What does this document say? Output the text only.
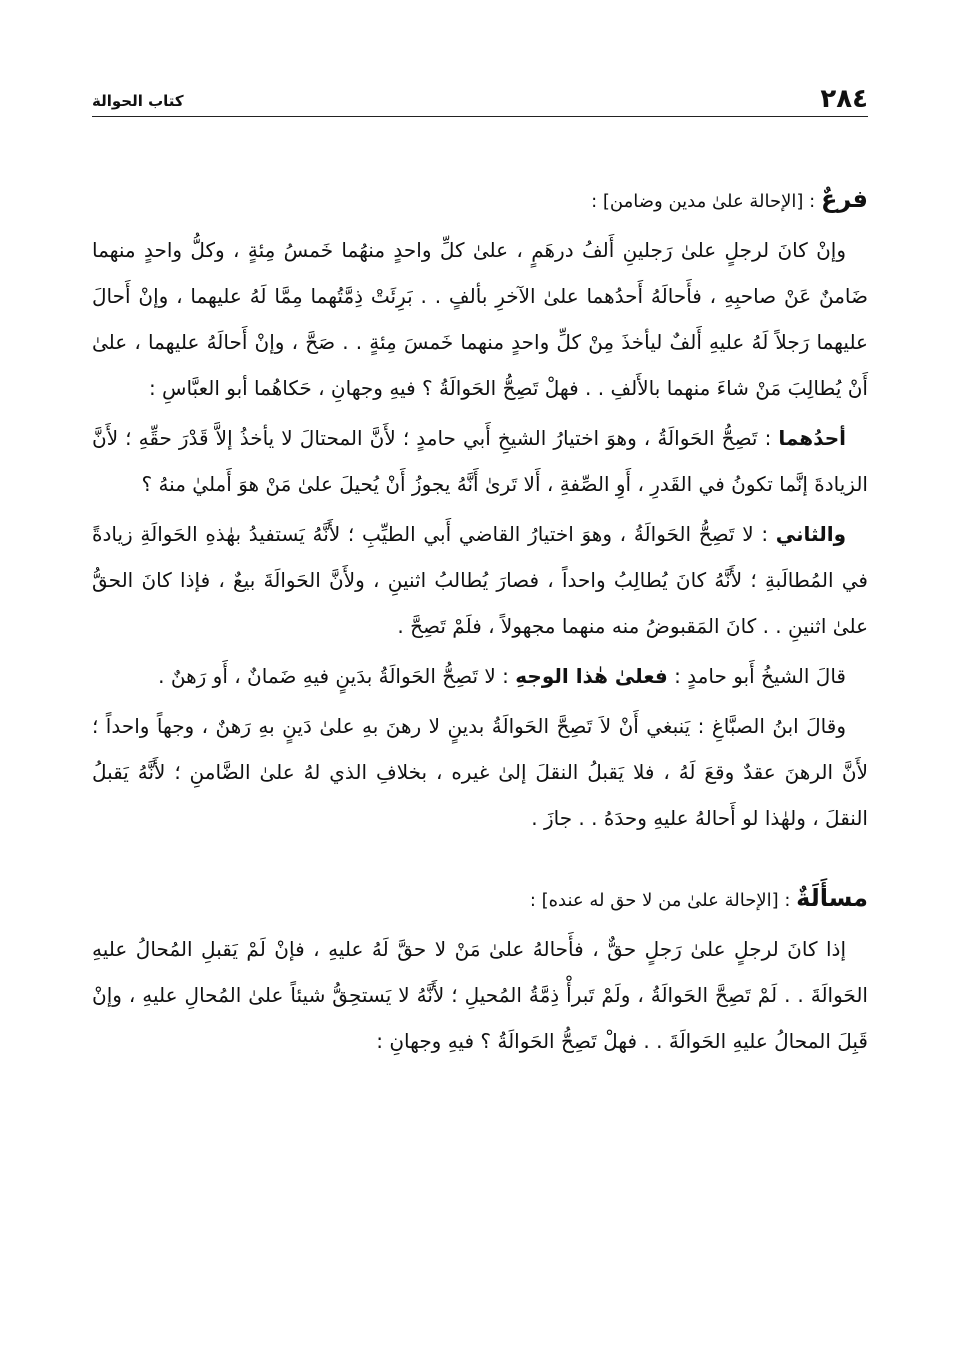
٢٨٤
كتاب الحوالة
فرعٌ : [الإحالة علىٰ مدين وضامن] :

وإنْ كانَ لرجلٍ علىٰ رَجلينِ أَلفُ درهَمٍ ، علىٰ كلِّ واحدٍ منهُما خَمسُ مِئةٍ ، وكلُّ واحدٍ منهما ضَامنٌ عَنْ صاحبِهِ ، فأَحالَهُ أَحدُهما علىٰ الآخرِ بألفٍ . . بَرِئَتْ ذِمَّتُهما مِمَّا لَهُ عليهما ، وإنْ أَحالَ عليهما رَجلاً لَهُ عليهِ أَلفٌ ليأخذَ مِنْ كلِّ واحدٍ منهما خَمسَ مِئةٍ . . صَحَّ ، وإنْ أَحالَهُ عليهما ، علىٰ أَنْ يُطالِبَ مَنْ شاءَ منهما بالأَلفِ . . فهلْ تَصِحُّ الحَوالَةُ ؟ فيهِ وجهانِ ، حَكاهُما أبو العبَّاسِ :

أحدُهما : تَصِحُّ الحَوالَةُ ، وهوَ اختيارُ الشيخِ أَبي حامدٍ ؛ لأَنَّ المحتالَ لا يأخذُ إلاَّ قَدْرَ حقِّهِ ؛ لأَنَّ الزيادةَ إنَّما تكونُ في القَدرِ ، أَوِ الصِّفةِ ، أَلا تَرىٰ أَنَّهُ يجوزُ أَنْ يُحيلَ علىٰ مَنْ هوَ أَمليٰ منهُ ؟

والثاني : لا تَصِحُّ الحَوالَةُ ، وهوَ اختيارُ القاضي أَبي الطيِّبِ ؛ لأَنَّهُ يَستفيدُ بهٰذهِ الحَوالَةِ زيادةً في المُطالَبةِ ؛ لأَنَّهُ كانَ يُطالِبُ واحداً ، فصارَ يُطالبُ اثنينِ ، ولأَنَّ الحَوالَةَ بيعٌ ، فإذا كانَ الحقُّ علىٰ اثنينِ . . كانَ المَقبوضُ منه منهما مجهولاً ، فلَمْ تَصِحَّ .

قالَ الشيخُ أَبو حامدٍ : فعلىٰ هٰذا الوجهِ : لا تَصِحُّ الحَوالَةُ بدَينٍ فيهِ ضَمانٌ ، أَو رَهنٌ .

وقالَ ابنُ الصبَّاغِ : يَنبغي أَنْ لاَ تَصِحَّ الحَوالَةُ بدينٍ لا رهنَ بهِ علىٰ دَينٍ بهِ رَهنٌ ، وجهاً واحداً ؛ لأَنَّ الرهنَ عقدٌ وقعَ لَهُ ، فلا يَقبلُ النقلَ إلىٰ غيره ، بخلافِ الذي لهُ علىٰ الضَّامنِ ؛ لأَنَّهُ يَقبلُ النقلَ ، ولهٰذا لو أَحالهُ عليهِ وحدَهُ . . جازَ .

مسأَلَةٌ : [الإحالة علىٰ من لا حق له عنده] :

إذا كانَ لرجلٍ علىٰ رَجلٍ حقٌّ ، فأَحالهُ علىٰ مَنْ لا حقَّ لَهُ عليهِ ، فإنْ لَمْ يَقبلِ المُحالُ عليهِ الحَوالَةَ . . لَمْ تَصِحَّ الحَوالَةُ ، ولَمْ تَبرأْ ذِمَّةُ المُحيلِ ؛ لأَنَّهُ لا يَستحِقُّ شيئاً علىٰ المُحالِ عليهِ ، وإنْ قَبِلَ المحالُ عليهِ الحَوالَةَ . . فهلْ تَصِحُّ الحَوالَةُ ؟ فيهِ وجهانِ :
